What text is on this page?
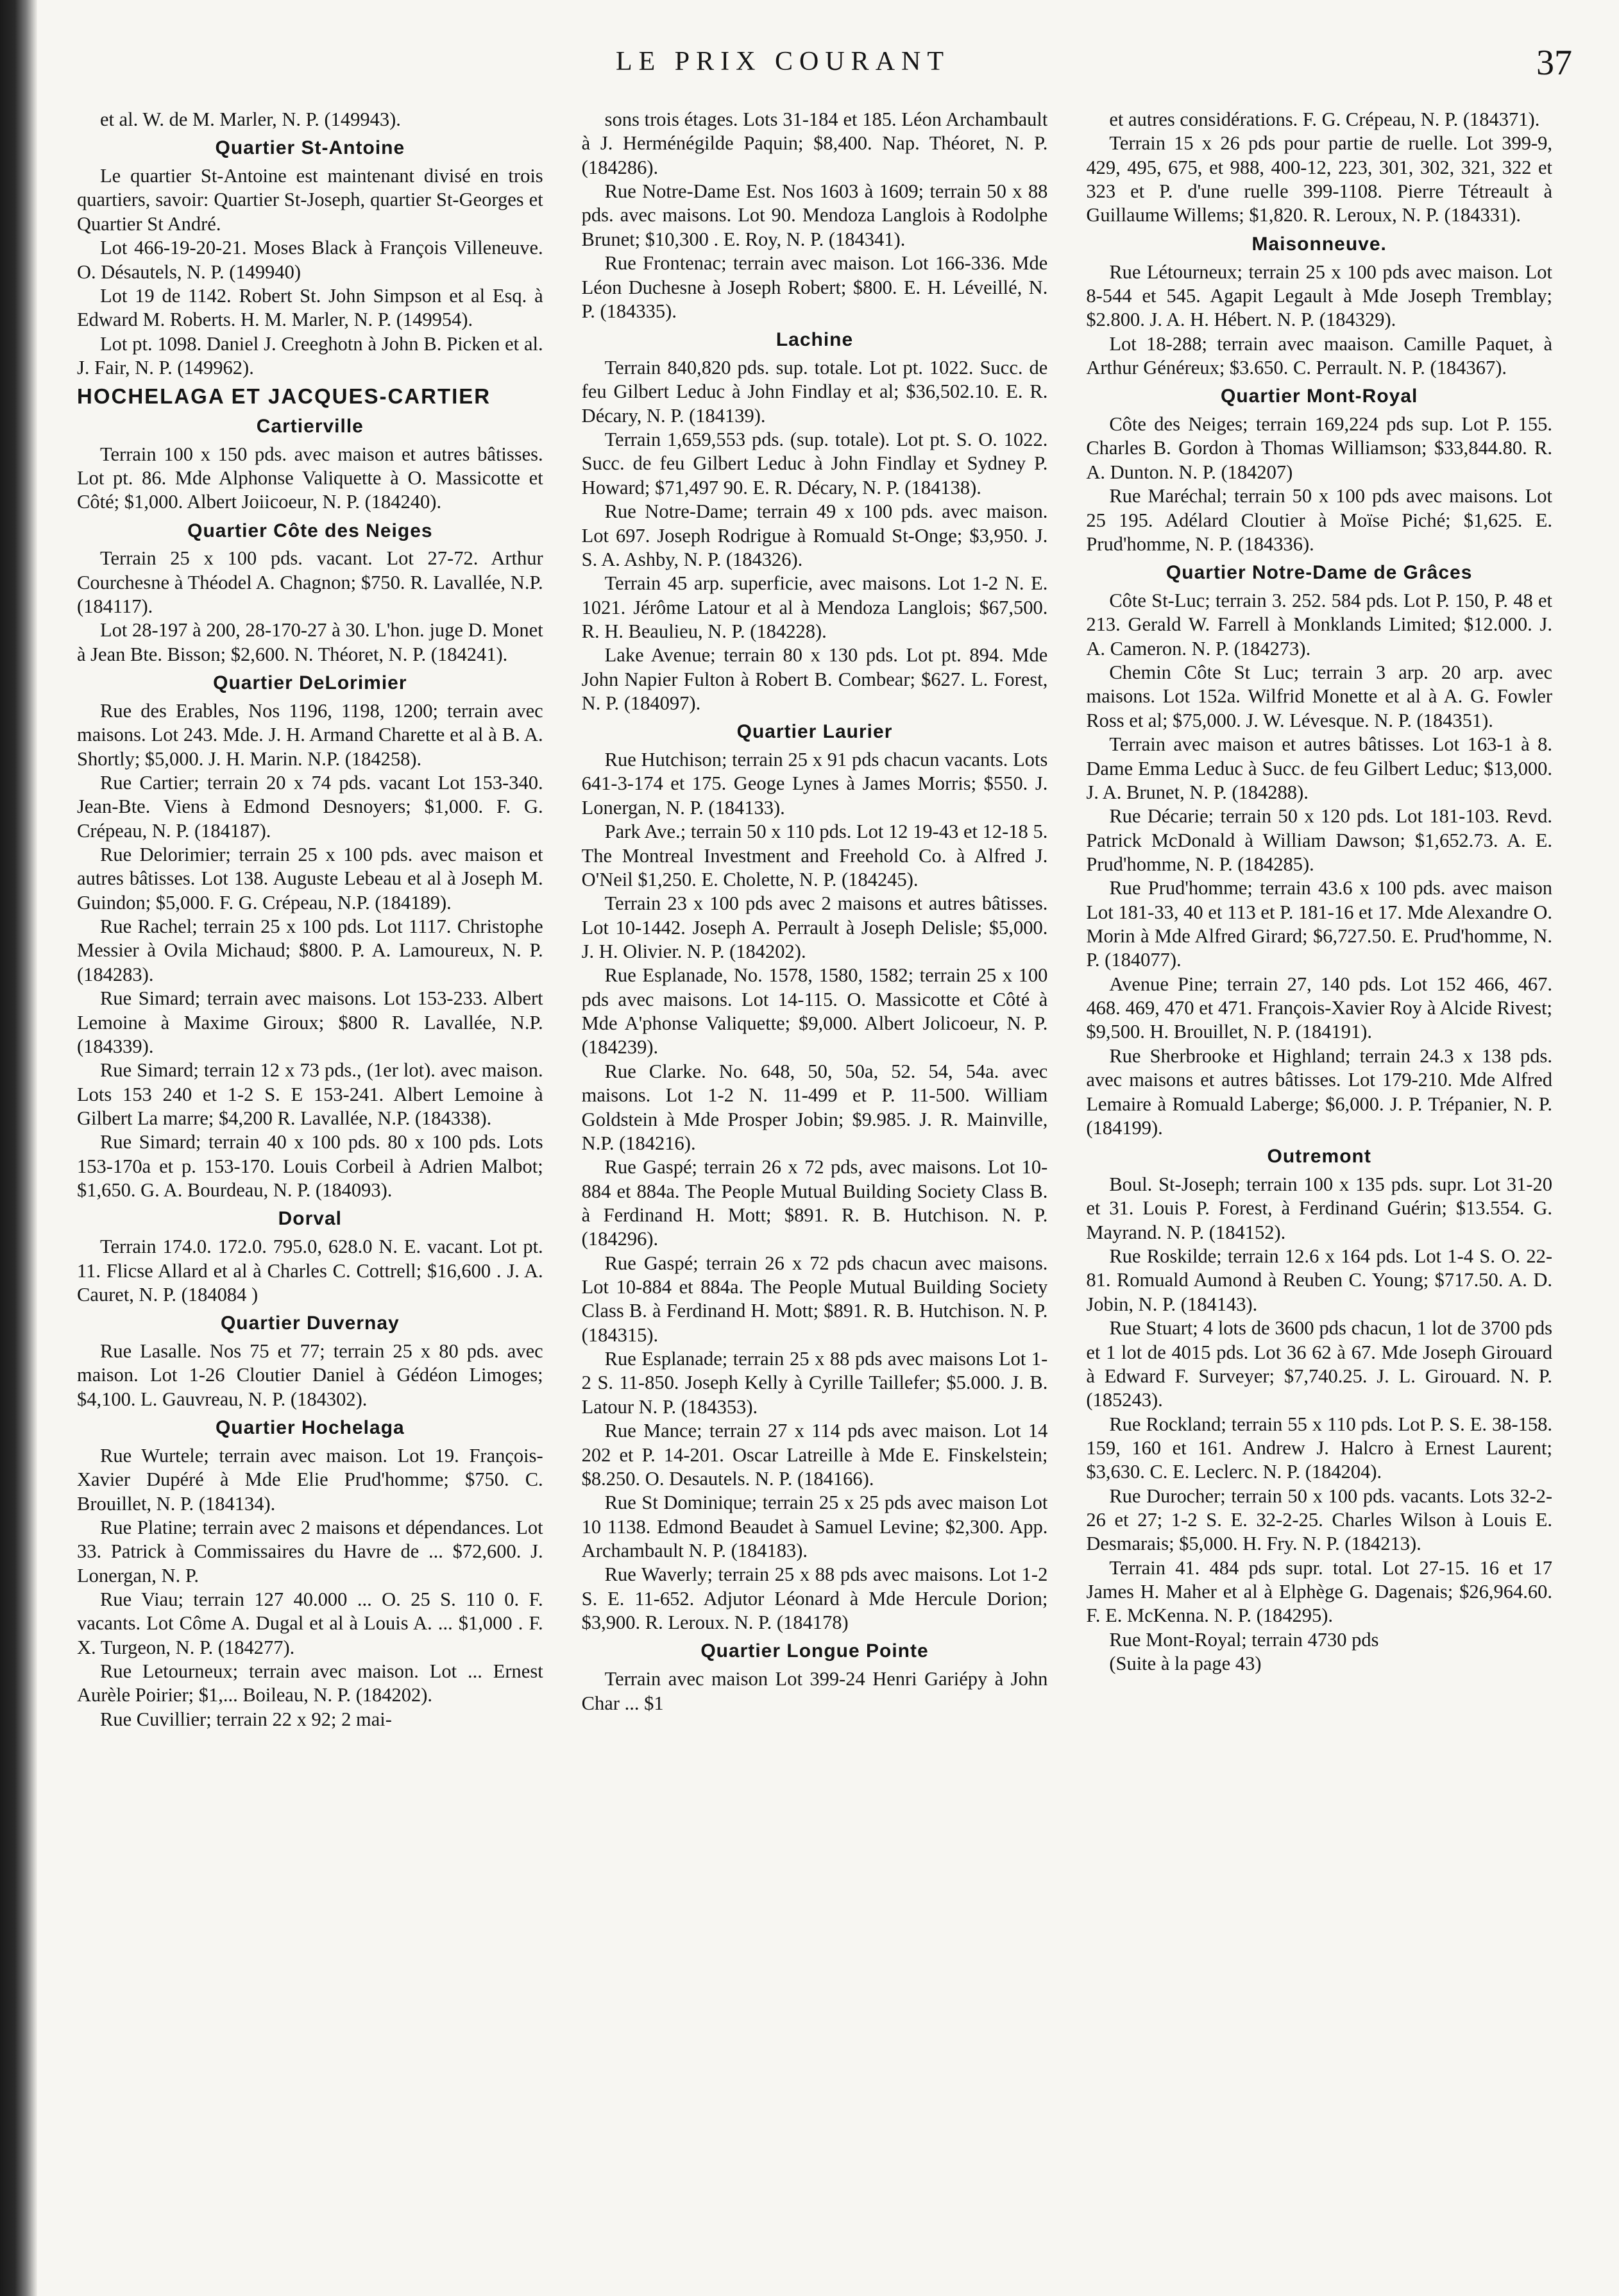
LE PRIX COURANT	37
et al. W. de M. Marler, N. P. (149943).
Quartier St-Antoine
Le quartier St-Antoine est maintenant divisé en trois quartiers, savoir: Quartier St-Joseph, quartier St-Georges et Quartier St André.
Lot 466-19-20-21. Moses Black à François Villeneuve. O. Désautels, N. P. (149940)
Lot 19 de 1142. Robert St. John Simpson et al Esq. à Edward M. Roberts. H. M. Marler, N. P. (149954).
Lot pt. 1098. Daniel J. Creeghotn à John B. Picken et al. J. Fair, N. P. (149962).
HOCHELAGA ET JACQUES-CARTIER
Cartierville
Terrain 100 x 150 pds. avec maison et autres bâtisses. Lot pt. 86. Mde Alphonse Valiquette à O. Massicotte et Côté; $1,000. Albert Joiicoeur, N. P. (184240).
Quartier Côte des Neiges
Terrain 25 x 100 pds. vacant. Lot 27-72. Arthur Courchesne à Théodel A. Chagnon; $750. R. Lavallée, N.P. (184117).
Lot 28-197 à 200, 28-170-27 à 30. L'hon. juge D. Monet à Jean Bte. Bisson; $2,600. N. Théoret, N. P. (184241).
Quartier DeLorimier
Rue des Erables, Nos 1196, 1198, 1200; terrain avec maisons. Lot 243. Mde. J. H. Armand Charette et al à B. A. Shortly; $5,000. J. H. Marin. N.P. (184258).
Rue Cartier; terrain 20 x 74 pds. vacant Lot 153-340. Jean-Bte. Viens à Edmond Desnoyers; $1,000. F. G. Crépeau, N. P. (184187).
Rue Delorimier; terrain 25 x 100 pds. avec maison et autres bâtisses. Lot 138. Auguste Lebeau et al à Joseph M. Guindon; $5,000. F. G. Crépeau, N.P. (184189).
Rue Rachel; terrain 25 x 100 pds. Lot 1117. Christophe Messier à Ovila Michaud; $800. P. A. Lamoureux, N. P. (184283).
Rue Simard; terrain avec maisons. Lot 153-233. Albert Lemoine à Maxime Giroux; $800 R. Lavallée, N.P. (184339).
Rue Simard; terrain 12 x 73 pds., (1er lot). avec maison. Lots 153 240 et 1-2 S. E 153-241. Albert Lemoine à Gilbert La marre; $4,200 R. Lavallée, N.P. (184338).
Rue Simard; terrain 40 x 100 pds. 80 x 100 pds. Lots 153-170a et p. 153-170. Louis Corbeil à Adrien Malbot; $1,650. G. A. Bourdeau, N. P. (184093).
Dorval
Terrain 174.0. 172.0. 795.0, 628.0 N. E. vacant. Lot pt. 11. Flicse Allard et al à Charles C. Cottrell; $16,600 . J. A. Cauret, N. P. (184084 )
Quartier Duvernay
Rue Lasalle. Nos 75 et 77; terrain 25 x 80 pds. avec maison. Lot 1-26 Cloutier Daniel à Gédéon Limoges; $4,100. L. Gauvreau, N. P. (184302).
Quartier Hochelaga
Rue Wurtele; terrain avec maison. Lot 19. François-Xavier Dupéré à Mde Elie Prud'homme; $750. C. Brouillet, N. P. (184134).
Rue Platine; terrain avec 2 maisons et dépendances. Lot 33. Patrick à Commissaires du Havre de ... $72,600. J. Lonergan, N. P.
Rue Viau; terrain 127 40.000 ... O. 25 S. 110 0. F. vacants. Lot Côme A. Dugal et al à Louis A. ... $1,000 . F. X. Turgeon, N. P. (184277).
Rue Letourneux; terrain avec maison. Lot ... Ernest Aurèle Poirier; $1,... Boileau, N. P. (184202).
Rue Cuvillier; terrain 22 x 92; 2 mai-
sons trois étages. Lots 31-184 et 185. Léon Archambault à J. Herménégilde Paquin; $8,400. Nap. Théoret, N. P. (184286).
Rue Notre-Dame Est. Nos 1603 à 1609; terrain 50 x 88 pds. avec maisons. Lot 90. Mendoza Langlois à Rodolphe Brunet; $10,300 . E. Roy, N. P. (184341).
Rue Frontenac; terrain avec maison. Lot 166-336. Mde Léon Duchesne à Joseph Robert; $800. E. H. Léveillé, N. P. (184335).
Lachine
Terrain 840,820 pds. sup. totale. Lot pt. 1022. Succ. de feu Gilbert Leduc à John Findlay et al; $36,502.10. E. R. Décary, N. P. (184139).
Terrain 1,659,553 pds. (sup. totale). Lot pt. S. O. 1022. Succ. de feu Gilbert Leduc à John Findlay et Sydney P. Howard; $71,497 90. E. R. Décary, N. P. (184138).
Rue Notre-Dame; terrain 49 x 100 pds. avec maison. Lot 697. Joseph Rodrigue à Romuald St-Onge; $3,950. J. S. A. Ashby, N. P. (184326).
Terrain 45 arp. superficie, avec maisons. Lot 1-2 N. E. 1021. Jérôme Latour et al à Mendoza Langlois; $67,500. R. H. Beaulieu, N. P. (184228).
Lake Avenue; terrain 80 x 130 pds. Lot pt. 894. Mde John Napier Fulton à Robert B. Combear; $627. L. Forest, N. P. (184097).
Quartier Laurier
Rue Hutchison; terrain 25 x 91 pds chacun vacants. Lots 641-3-174 et 175. Geoge Lynes à James Morris; $550. J. Lonergan, N. P. (184133).
Park Ave.; terrain 50 x 110 pds. Lot 12 19-43 et 12-18 5. The Montreal Investment and Freehold Co. à Alfred J. O'Neil $1,250. E. Cholette, N. P. (184245).
Terrain 23 x 100 pds avec 2 maisons et autres bâtisses. Lot 10-1442. Joseph A. Perrault à Joseph Delisle; $5,000. J. H. Olivier. N. P. (184202).
Rue Esplanade, No. 1578, 1580, 1582; terrain 25 x 100 pds avec maisons. Lot 14-115. O. Massicotte et Côté à Mde A'phonse Valiquette; $9,000. Albert Jolicoeur, N. P. (184239).
Rue Clarke. No. 648, 50, 50a, 52. 54, 54a. avec maisons. Lot 1-2 N. 11-499 et P. 11-500. William Goldstein à Mde Prosper Jobin; $9.985. J. R. Mainville, N.P. (184216).
Rue Gaspé; terrain 26 x 72 pds, avec maisons. Lot 10-884 et 884a. The People Mutual Building Society Class B. à Ferdinand H. Mott; $891. R. B. Hutchison. N. P. (184296).
Rue Gaspé; terrain 26 x 72 pds chacun avec maisons. Lot 10-884 et 884a. The People Mutual Building Society Class B. à Ferdinand H. Mott; $891. R. B. Hutchison. N. P. (184315).
Rue Esplanade; terrain 25 x 88 pds avec maisons Lot 1-2 S. 11-850. Joseph Kelly à Cyrille Taillefer; $5.000. J. B. Latour N. P. (184353).
Rue Mance; terrain 27 x 114 pds avec maison. Lot 14 202 et P. 14-201. Oscar Latreille à Mde E. Finskelstein; $8.250. O. Desautels. N. P. (184166).
Rue St Dominique; terrain 25 x 25 pds avec maison Lot 10 1138. Edmond Beaudet à Samuel Levine; $2,300. App. Archambault N. P. (184183).
Rue Waverly; terrain 25 x 88 pds avec maisons. Lot 1-2 S. E. 11-652. Adjutor Léonard à Mde Hercule Dorion; $3,900. R. Leroux. N. P. (184178)
Quartier Longue Pointe
Terrain avec maison Lot 399-24 Henri Gariépy à John Char ... $1
et autres considérations. F. G. Crépeau, N. P. (184371).
Terrain 15 x 26 pds pour partie de ruelle. Lot 399-9, 429, 495, 675, et 988, 400-12, 223, 301, 302, 321, 322 et 323 et P. d'une ruelle 399-1108. Pierre Tétreault à Guillaume Willems; $1,820. R. Leroux, N. P. (184331).
Maisonneuve.
Rue Létourneux; terrain 25 x 100 pds avec maison. Lot 8-544 et 545. Agapit Legault à Mde Joseph Tremblay; $2.800. J. A. H. Hébert. N. P. (184329).
Lot 18-288; terrain avec maaison. Camille Paquet, à Arthur Généreux; $3.650. C. Perrault. N. P. (184367).
Quartier Mont-Royal
Côte des Neiges; terrain 169,224 pds sup. Lot P. 155. Charles B. Gordon à Thomas Williamson; $33,844.80. R. A. Dunton. N. P. (184207)
Rue Maréchal; terrain 50 x 100 pds avec maisons. Lot 25 195. Adélard Cloutier à Moïse Piché; $1,625. E. Prud'homme, N. P. (184336).
Quartier Notre-Dame de Grâces
Côte St-Luc; terrain 3. 252. 584 pds. Lot P. 150, P. 48 et 213. Gerald W. Farrell à Monklands Limited; $12.000. J. A. Cameron. N. P. (184273).
Chemin Côte St Luc; terrain 3 arp. 20 arp. avec maisons. Lot 152a. Wilfrid Monette et al à A. G. Fowler Ross et al; $75,000. J. W. Lévesque. N. P. (184351).
Terrain avec maison et autres bâtisses. Lot 163-1 à 8. Dame Emma Leduc à Succ. de feu Gilbert Leduc; $13,000. J. A. Brunet, N. P. (184288).
Rue Décarie; terrain 50 x 120 pds. Lot 181-103. Revd. Patrick McDonald à William Dawson; $1,652.73. A. E. Prud'homme, N. P. (184285).
Rue Prud'homme; terrain 43.6 x 100 pds. avec maison Lot 181-33, 40 et 113 et P. 181-16 et 17. Mde Alexandre O. Morin à Mde Alfred Girard; $6,727.50. E. Prud'homme, N. P. (184077).
Avenue Pine; terrain 27, 140 pds. Lot 152 466, 467. 468. 469, 470 et 471. François-Xavier Roy à Alcide Rivest; $9,500. H. Brouillet, N. P. (184191).
Rue Sherbrooke et Highland; terrain 24.3 x 138 pds. avec maisons et autres bâtisses. Lot 179-210. Mde Alfred Lemaire à Romuald Laberge; $6,000. J. P. Trépanier, N. P. (184199).
Outremont
Boul. St-Joseph; terrain 100 x 135 pds. supr. Lot 31-20 et 31. Louis P. Forest, à Ferdinand Guérin; $13.554. G. Mayrand. N. P. (184152).
Rue Roskilde; terrain 12.6 x 164 pds. Lot 1-4 S. O. 22-81. Romuald Aumond à Reuben C. Young; $717.50. A. D. Jobin, N. P. (184143).
Rue Stuart; 4 lots de 3600 pds chacun, 1 lot de 3700 pds et 1 lot de 4015 pds. Lot 36 62 à 67. Mde Joseph Girouard à Edward F. Surveyer; $7,740.25. J. L. Girouard. N. P. (185243).
Rue Rockland; terrain 55 x 110 pds. Lot P. S. E. 38-158. 159, 160 et 161. Andrew J. Halcro à Ernest Laurent; $3,630. C. E. Leclerc. N. P. (184204).
Rue Durocher; terrain 50 x 100 pds. vacants. Lots 32-2-26 et 27; 1-2 S. E. 32-2-25. Charles Wilson à Louis E. Desmarais; $5,000. H. Fry. N. P. (184213).
Terrain 41. 484 pds supr. total. Lot 27-15. 16 et 17 James H. Maher et al à Elphège G. Dagenais; $26,964.60. F. E. McKenna. N. P. (184295).
Rue Mont-Royal; terrain 4730 pds
(Suite à la page 43)
